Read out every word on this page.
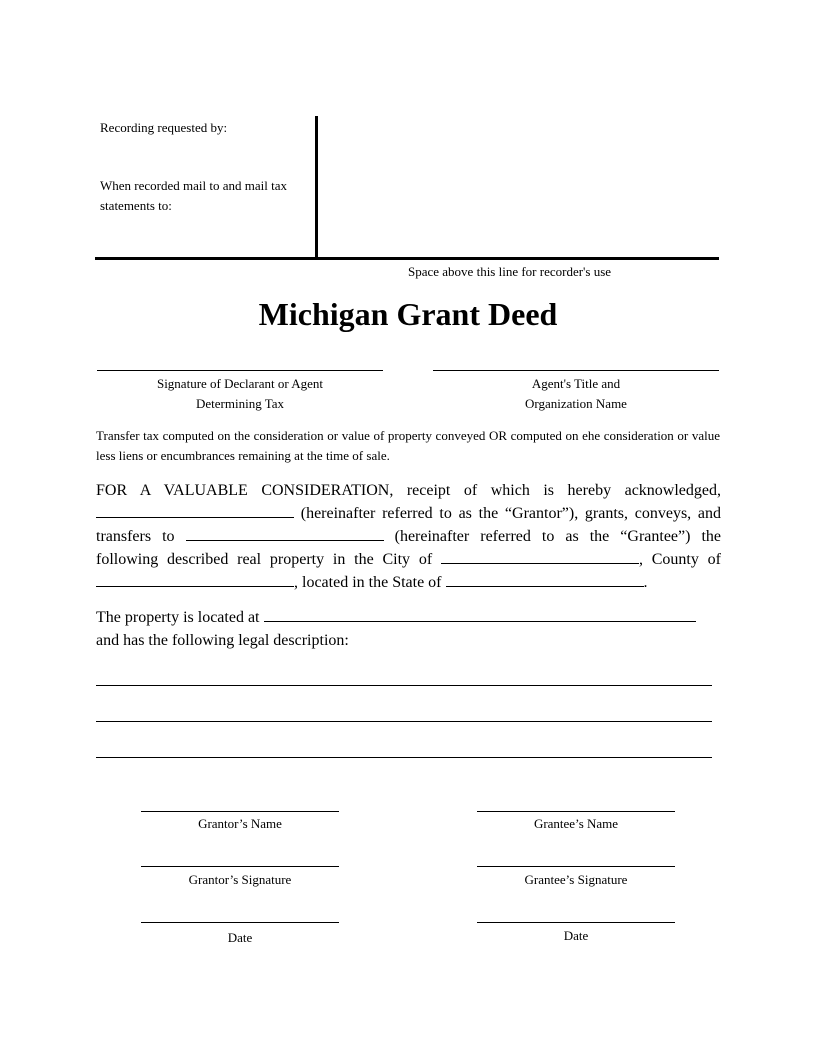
Recording requested by:
When recorded mail to and mail tax statements to:
Space above this line for recorder's use
Michigan Grant Deed
Signature of Declarant or Agent
Determining Tax
Agent's Title and
Organization Name
Transfer tax computed on the consideration or value of property conveyed OR computed on ehe consideration or value less liens or encumbrances remaining at the time of sale.
FOR A VALUABLE CONSIDERATION, receipt of which is hereby acknowledged,  (hereinafter referred to as the “Grantor”), grants, conveys, and transfers to	(hereinafter referred to as the “Grantee”) the following described real property in the City of	, County of , located in the State of	.
The property is located at
and has the following legal description:
Grantor’s Name	Grantee’s Name
Grantor’s Signature	Grantee’s Signature
Date	Date
